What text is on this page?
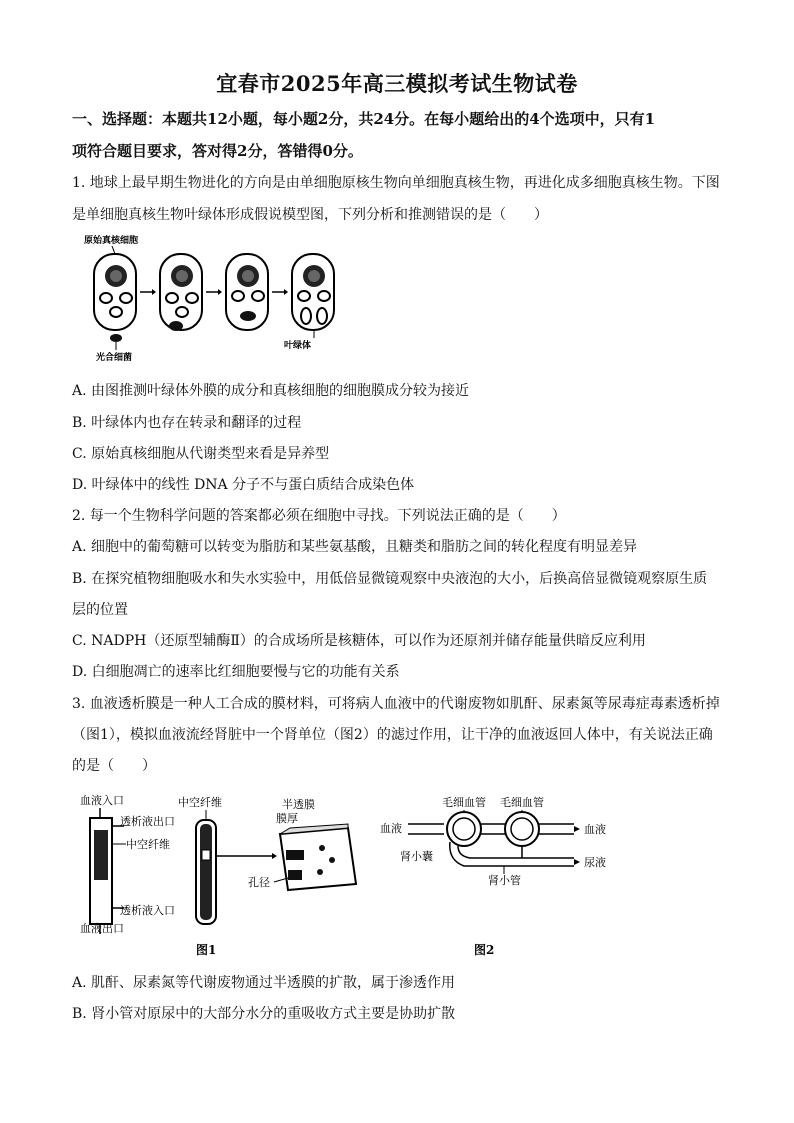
宜春市2025年高三模拟考试生物试卷
一、选择题：本题共12小题，每小题2分，共24分。在每小题给出的4个选项中，只有1
项符合题目要求，答对得2分，答错得0分。
1. 地球上最早期生物进化的方向是由单细胞原核生物向单细胞真核生物，再进化成多细胞真核生物。下图
是单细胞真核生物叶绿体形成假说模型图，下列分析和推测错误的是（　　）
原始真核细胞
光合细菌
叶绿体
A. 由图推测叶绿体外膜的成分和真核细胞的细胞膜成分较为接近
B. 叶绿体内也存在转录和翻译的过程
C. 原始真核细胞从代谢类型来看是异养型
D. 叶绿体中的线性 DNA 分子不与蛋白质结合成染色体
2. 每一个生物科学问题的答案都必须在细胞中寻找。下列说法正确的是（　　）
A. 细胞中的葡萄糖可以转变为脂肪和某些氨基酸，且糖类和脂肪之间的转化程度有明显差异
B. 在探究植物细胞吸水和失水实验中，用低倍显微镜观察中央液泡的大小，后换高倍显微镜观察原生质
层的位置
C. NADPH（还原型辅酶Ⅱ）的合成场所是核糖体，可以作为还原剂并储存能量供暗反应利用
D. 白细胞凋亡的速率比红细胞要慢与它的功能有关系
3. 血液透析膜是一种人工合成的膜材料，可将病人血液中的代谢废物如肌酐、尿素氮等尿毒症毒素透析掉
（图1），模拟血液流经肾脏中一个肾单位（图2）的滤过作用，让干净的血液返回人体中，有关说法正确
的是（　　）
血液入口
透析液出口
中空纤维
透析液入口
血液出口
中空纤维	半透膜
膜厚
孔径
图1
毛细血管 毛细血管
血液	血液
尿液
肾小囊
肾小管
图2
A. 肌酐、尿素氮等代谢废物通过半透膜的扩散，属于渗透作用
B. 肾小管对原尿中的大部分水分的重吸收方式主要是协助扩散
